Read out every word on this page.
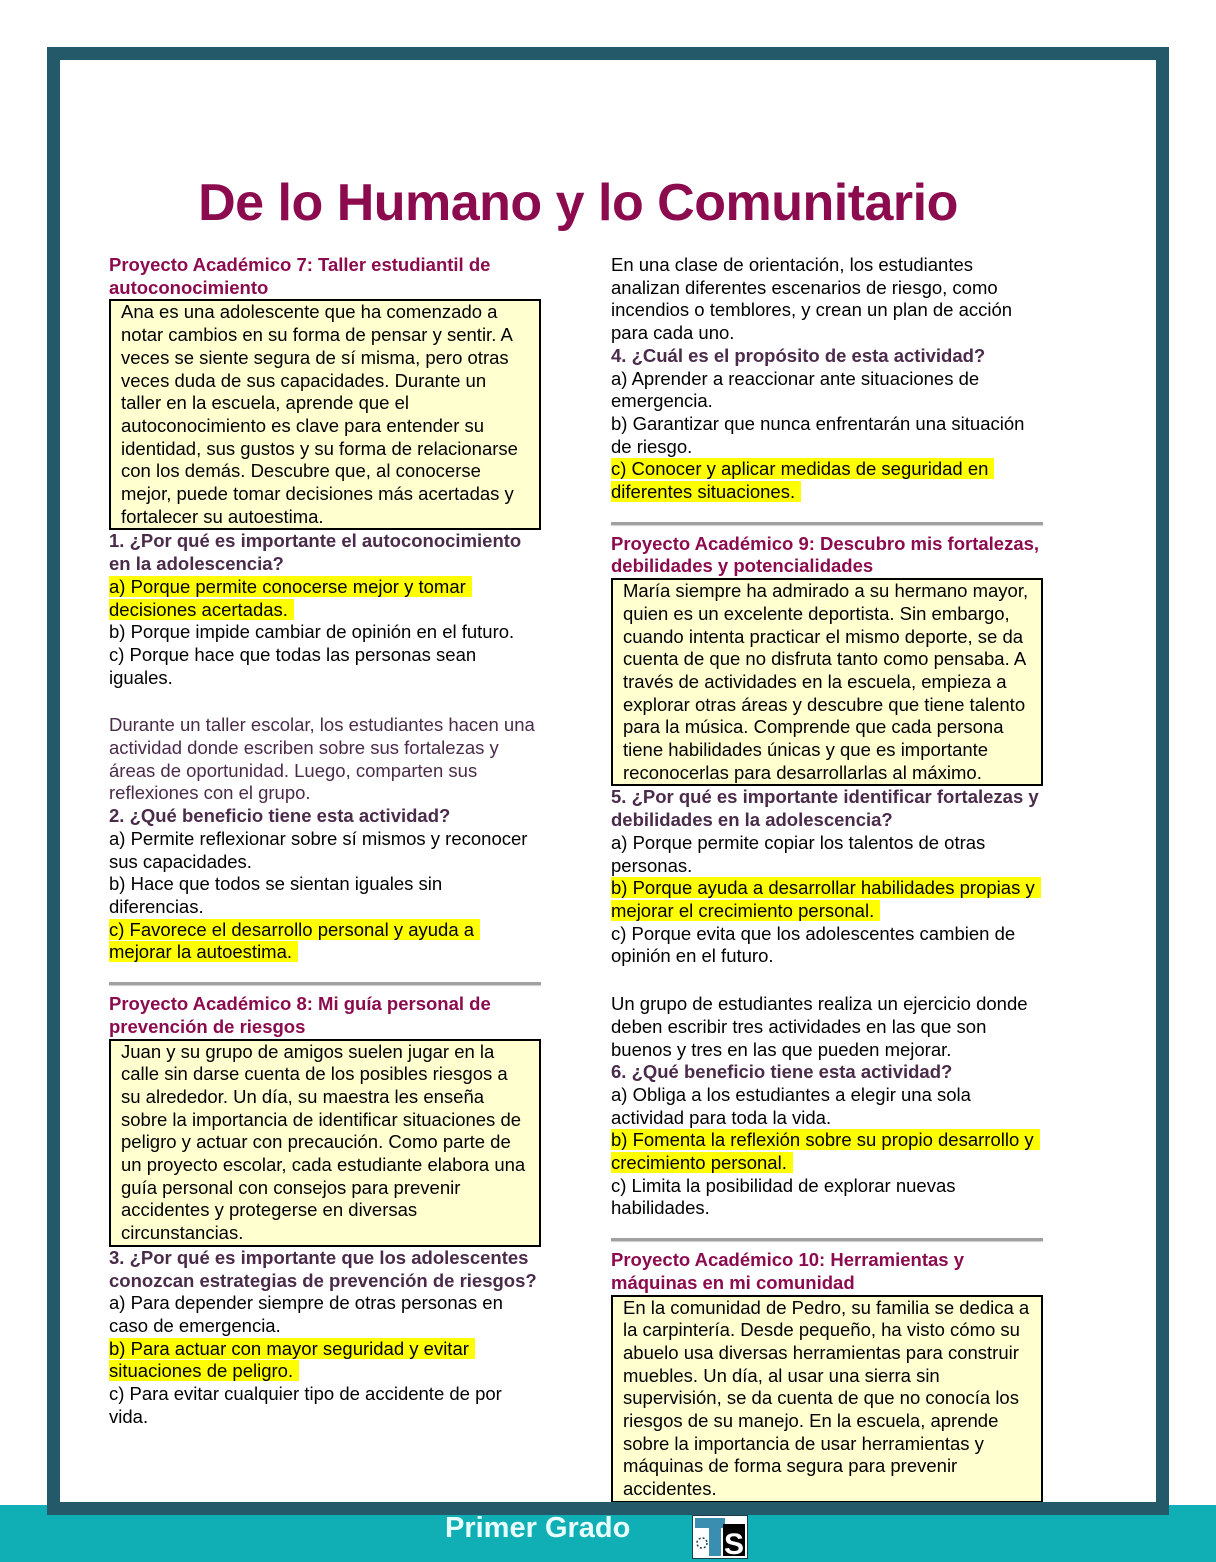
De lo Humano y lo Comunitario
Proyecto Académico 7: Taller estudiantil de autoconocimiento
Ana es una adolescente que ha comenzado a notar cambios en su forma de pensar y sentir. A veces se siente segura de sí misma, pero otras veces duda de sus capacidades. Durante un taller en la escuela, aprende que el autoconocimiento es clave para entender su identidad, sus gustos y su forma de relacionarse con los demás. Descubre que, al conocerse mejor, puede tomar decisiones más acertadas y fortalecer su autoestima.
1. ¿Por qué es importante el autoconocimiento en la adolescencia?
a) Porque permite conocerse mejor y tomar decisiones acertadas.
b) Porque impide cambiar de opinión en el futuro.
c) Porque hace que todas las personas sean iguales.
Durante un taller escolar, los estudiantes hacen una actividad donde escriben sobre sus fortalezas y áreas de oportunidad. Luego, comparten sus reflexiones con el grupo.
2. ¿Qué beneficio tiene esta actividad?
a) Permite reflexionar sobre sí mismos y reconocer sus capacidades.
b) Hace que todos se sientan iguales sin diferencias.
c) Favorece el desarrollo personal y ayuda a mejorar la autoestima.
Proyecto Académico 8: Mi guía personal de prevención de riesgos
Juan y su grupo de amigos suelen jugar en la calle sin darse cuenta de los posibles riesgos a su alrededor. Un día, su maestra les enseña sobre la importancia de identificar situaciones de peligro y actuar con precaución. Como parte de un proyecto escolar, cada estudiante elabora una guía personal con consejos para prevenir accidentes y protegerse en diversas circunstancias.
3. ¿Por qué es importante que los adolescentes conozcan estrategias de prevención de riesgos?
a) Para depender siempre de otras personas en caso de emergencia.
b) Para actuar con mayor seguridad y evitar situaciones de peligro.
c) Para evitar cualquier tipo de accidente de por vida.
En una clase de orientación, los estudiantes analizan diferentes escenarios de riesgo, como incendios o temblores, y crean un plan de acción para cada uno.
4. ¿Cuál es el propósito de esta actividad?
a) Aprender a reaccionar ante situaciones de emergencia.
b) Garantizar que nunca enfrentarán una situación de riesgo.
c) Conocer y aplicar medidas de seguridad en diferentes situaciones.
Proyecto Académico 9: Descubro mis fortalezas, debilidades y potencialidades
María siempre ha admirado a su hermano mayor, quien es un excelente deportista. Sin embargo, cuando intenta practicar el mismo deporte, se da cuenta de que no disfruta tanto como pensaba. A través de actividades en la escuela, empieza a explorar otras áreas y descubre que tiene talento para la música. Comprende que cada persona tiene habilidades únicas y que es importante reconocerlas para desarrollarlas al máximo.
5. ¿Por qué es importante identificar fortalezas y debilidades en la adolescencia?
a) Porque permite copiar los talentos de otras personas.
b) Porque ayuda a desarrollar habilidades propias y mejorar el crecimiento personal.
c) Porque evita que los adolescentes cambien de opinión en el futuro.
Un grupo de estudiantes realiza un ejercicio donde deben escribir tres actividades en las que son buenos y tres en las que pueden mejorar.
6. ¿Qué beneficio tiene esta actividad?
a) Obliga a los estudiantes a elegir una sola actividad para toda la vida.
b) Fomenta la reflexión sobre su propio desarrollo y crecimiento personal.
c) Limita la posibilidad de explorar nuevas habilidades.
Proyecto Académico 10: Herramientas y máquinas en mi comunidad
En la comunidad de Pedro, su familia se dedica a la carpintería. Desde pequeño, ha visto cómo su abuelo usa diversas herramientas para construir muebles. Un día, al usar una sierra sin supervisión, se da cuenta de que no conocía los riesgos de su manejo. En la escuela, aprende sobre la importancia de usar herramientas y máquinas de forma segura para prevenir accidentes.
Primer Grado	S
